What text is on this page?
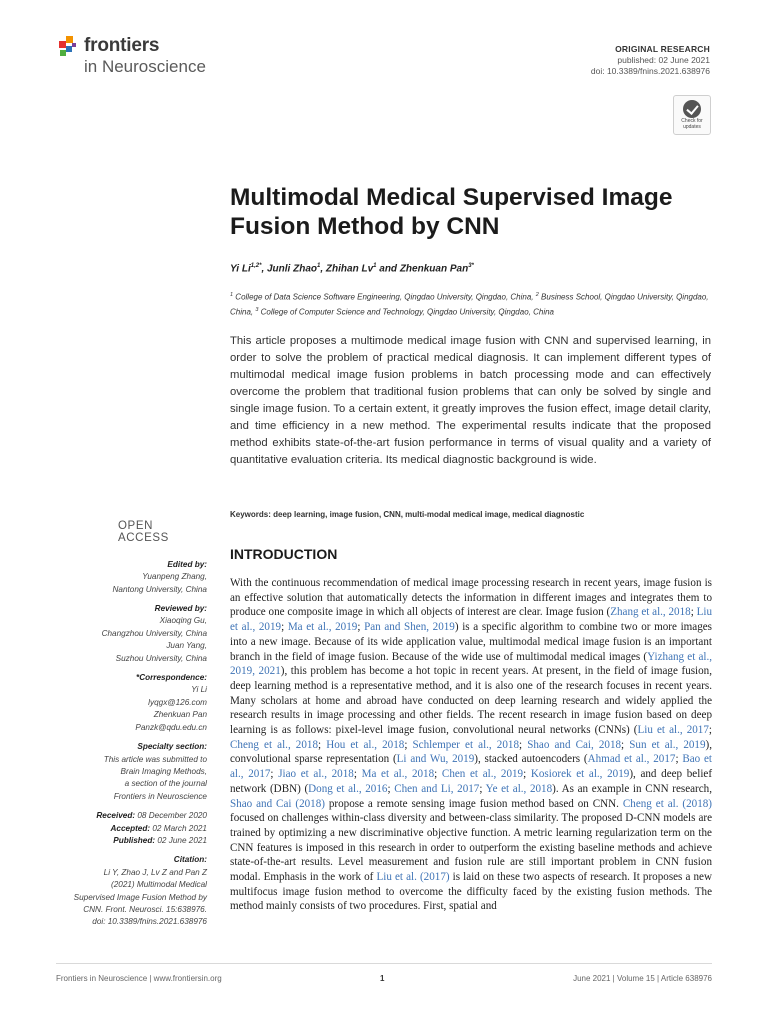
frontiers
in Neuroscience
ORIGINAL RESEARCH
published: 02 June 2021
doi: 10.3389/fnins.2021.638976
Check for
updates
Multimodal Medical Supervised Image Fusion Method by CNN
Yi $Li^{1,2*}$, Junli Zhao$^1$, Zhihan Lv$^1$ and Zhenkuan Pan$^{3*}$
$^1$ College of Data Science Software Engineering, Qingdao University, Qingdao, China, $^2$ Business School, Qingdao University, Qingdao, China, $^3$ College of Computer Science and Technology, Qingdao University, Qingdao, China

This article proposes a multimode medical image fusion with CNN and supervised learning, in order to solve the problem of practical medical diagnosis. It can implement different types of multimodal medical image fusion problems in batch processing mode and can effectively overcome the problem that traditional fusion problems that can only be solved by single and single image fusion. To a certain extent, it greatly improves the fusion effect, image detail clarity, and time efficiency in a new method. The experimental results indicate that the proposed method exhibits state-of-the-art fusion performance in terms of visual quality and a variety of quantitative evaluation criteria. Its medical diagnostic background is wide.

Keywords: deep learning, image fusion, CNN, multi-modal medical image, medical diagnostic
OPEN ACCESS
Edited by:
Yuanpeng Zhang,
Nantong University, China
Reviewed by:
Xiaoqing Gu,
Changzhou University, China
Juan Yang,
Suzhou University, China
*Correspondence:
Yi Li
lyqgx@126.com
Zhenkuan Pan
Panzk@qdu.edu.cn
Specialty section:
This article was submitted to
Brain Imaging Methods,
a section of the journal
Frontiers in Neuroscience
Received: 08 December 2020
Accepted: 02 March 2021
Published: 02 June 2021
Citation:
Li Y, Zhao J, Lv Z and Pan Z
(2021) Multimodal Medical
Supervised Image Fusion Method by
CNN. Front. Neurosci. 15:638976.
doi: 10.3389/fnins.2021.638976
INTRODUCTION

With the continuous recommendation of medical image processing research in recent years, image fusion is an effective solution that automatically detects the information in different images and integrates them to produce one composite image in which all objects of interest are clear. Image fusion (Zhang et al., 2018; Liu et al., 2019; Ma et al., 2019; Pan and Shen, 2019) is a specific algorithm to combine two or more images into a new image. Because of its wide application value, multimodal medical image fusion is an important branch in the field of image fusion. Because of the wide use of multimodal medical images (Yizhang et al., 2019, 2021), this problem has become a hot topic in recent years. At present, in the field of image fusion, deep learning method is a representative method, and it is also one of the research focuses in recent years. Many scholars at home and abroad have conducted on deep learning research and widely applied the research results in image processing and other fields. The recent research in image fusion based on deep learning is as follows: pixel-level image fusion, convolutional neural networks (CNNs) (Liu et al., 2017; Cheng et al., 2018; Hou et al., 2018; Schlemper et al., 2018; Shao and Cai, 2018; Sun et al., 2019), convolutional sparse representation (Li and Wu, 2019), stacked autoencoders (Ahmad et al., 2017; Bao et al., 2017; Jiao et al., 2018; Ma et al., 2018; Chen et al., 2019; Kosiorek et al., 2019), and deep belief network (DBN) (Dong et al., 2016; Chen and Li, 2017; Ye et al., 2018). As an example in CNN research, Shao and Cai (2018) propose a remote sensing image fusion method based on CNN. Cheng et al. (2018) focused on challenges within-class diversity and between-class similarity. The proposed D-CNN models are trained by optimizing a new discriminative objective function. A metric learning regularization term on the CNN features is imposed in this research in order to outperform the existing baseline methods and achieve state-of-the-art results. Level measurement and fusion rule are still important problem in CNN fusion modal. Emphasis in the work of Liu et al. (2017) is laid on these two aspects of research. It proposes a new multifocus image fusion method to overcome the difficulty faced by the existing fusion methods. The method mainly consists of two procedures. First, spatial and

Frontiers in Neuroscience | www.frontiersin.org	1	June 2021 | Volume 15 | Article 638976
